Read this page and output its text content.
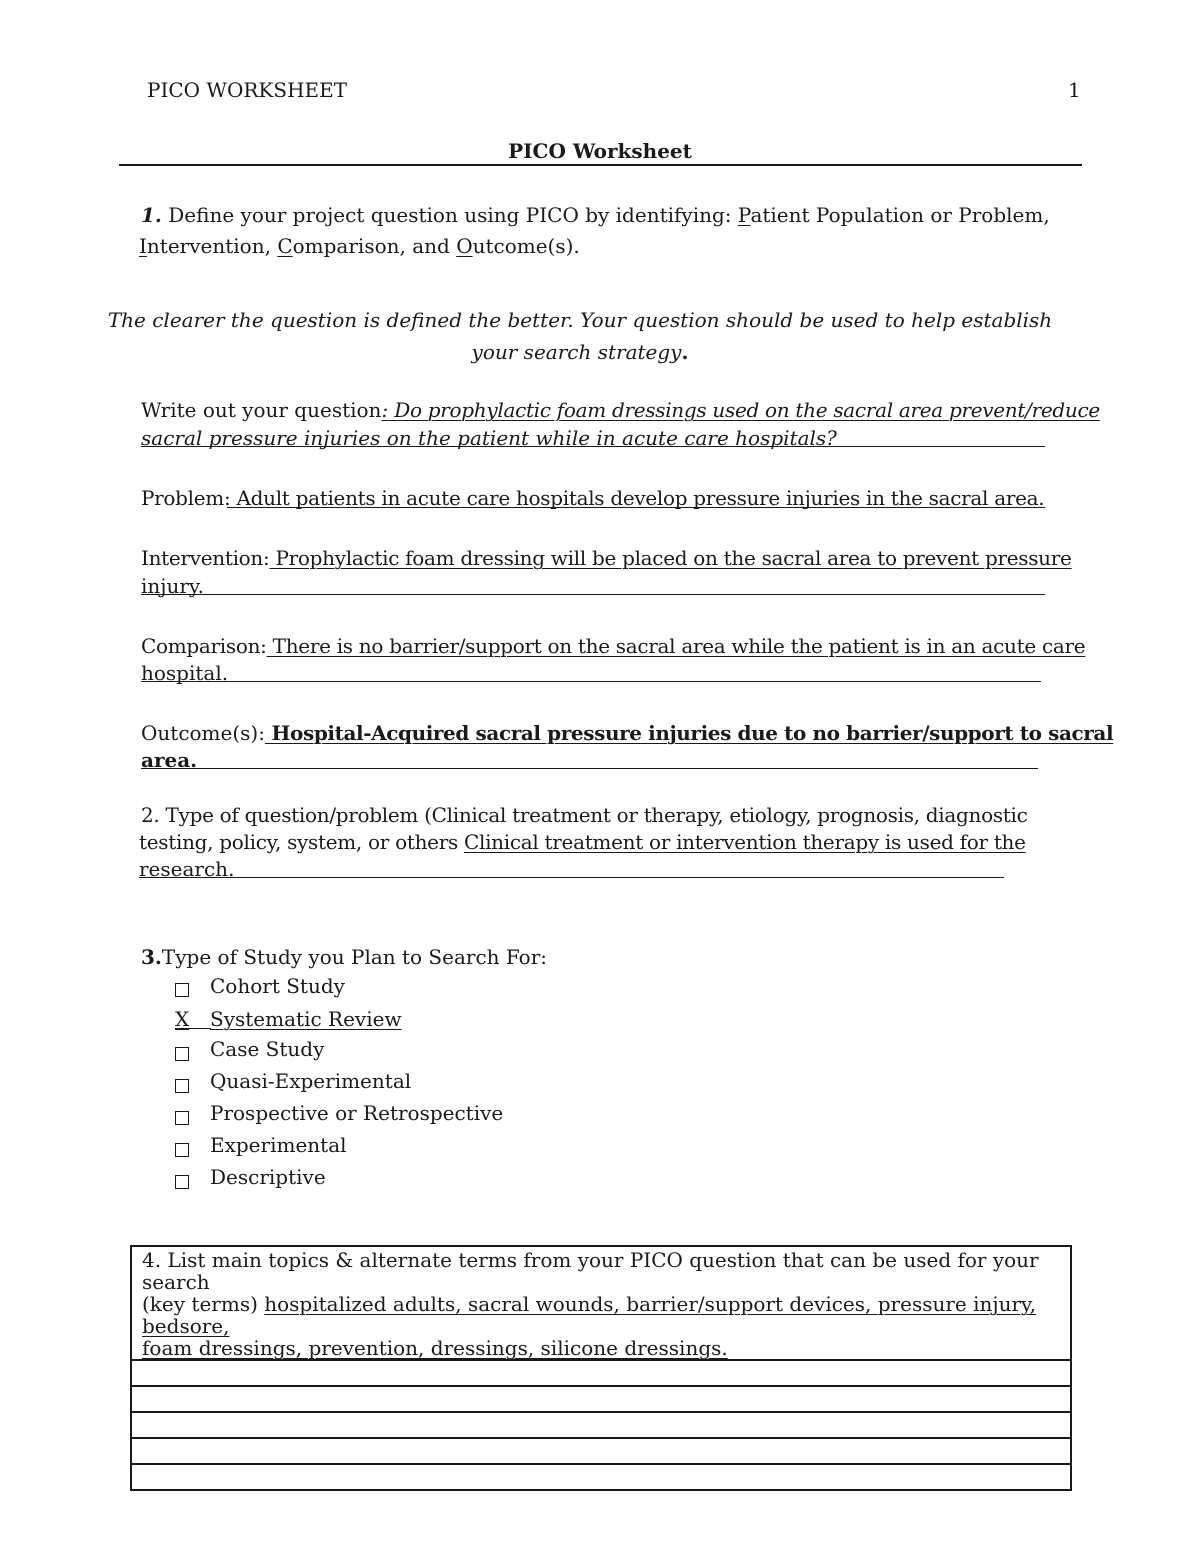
PICO WORKSHEET	1
PICO Worksheet
1. Define your project question using PICO by identifying: Patient Population or Problem,
Intervention, Comparison, and Outcome(s).
The clearer the question is defined the better. Your question should be used to help establish
your search strategy.
Write out your question: Do prophylactic foam dressings used on the sacral area prevent/reduce
sacral pressure injuries on the patient while in acute care hospitals?
Problem: Adult patients in acute care hospitals develop pressure injuries in the sacral area.
Intervention: Prophylactic foam dressing will be placed on the sacral area to prevent pressure
injury.
Comparison: There is no barrier/support on the sacral area while the patient is in an acute care
hospital.
Outcome(s): Hospital-Acquired sacral pressure injuries due to no barrier/support to sacral
area.
2. Type of question/problem (Clinical treatment or therapy, etiology, prognosis, diagnostic
testing, policy, system, or others Clinical treatment or intervention therapy is used for the
research.
3.Type of Study you Plan to Search For:
Cohort Study
X Systematic Review
Case Study
Quasi-Experimental
Prospective or Retrospective
Experimental
Descriptive
4. List main topics & alternate terms from your PICO question that can be used for your search
(key terms) hospitalized adults, sacral wounds, barrier/support devices, pressure injury, bedsore,
foam dressings, prevention, dressings, silicone dressings.
